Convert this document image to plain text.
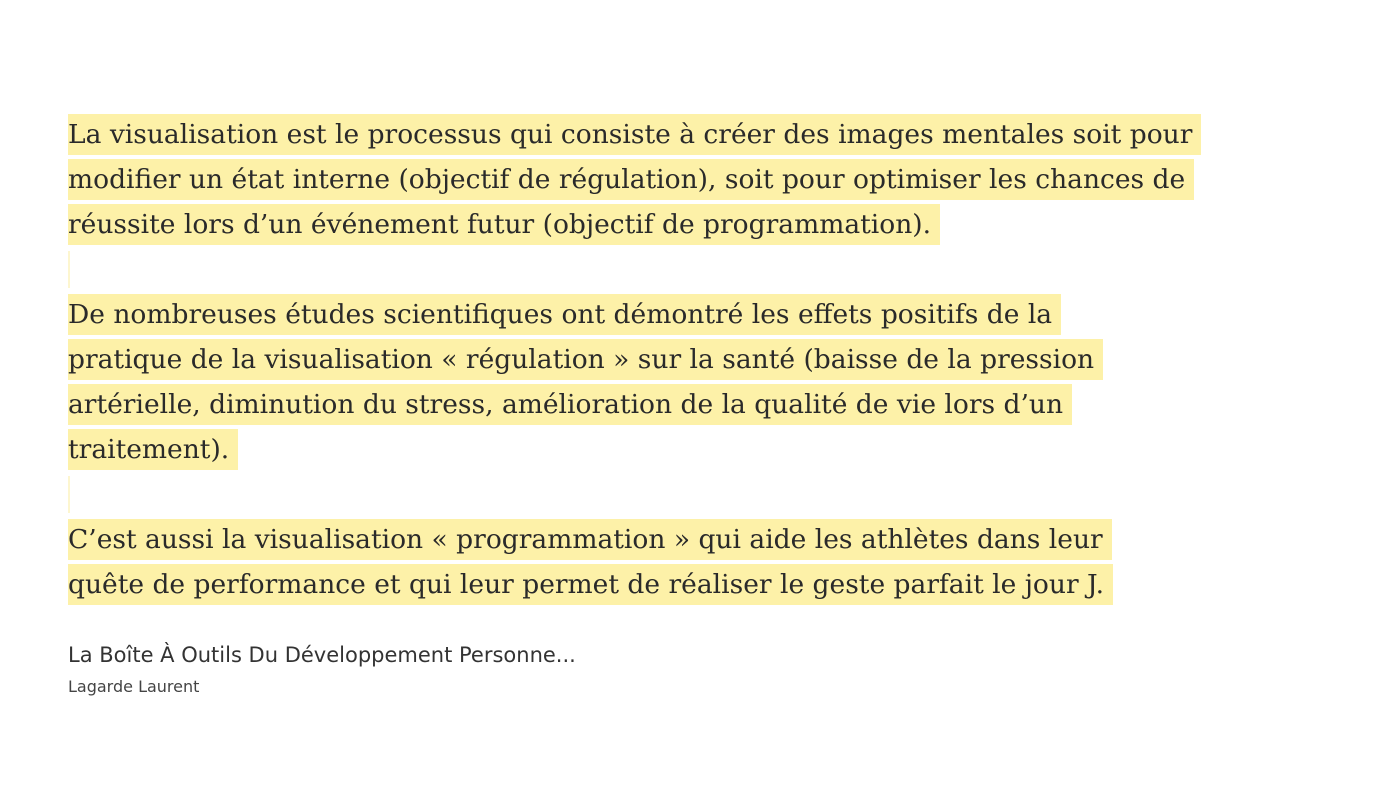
La visualisation est le processus qui consiste à créer des images mentales soit pour
modifier un état interne (objectif de régulation), soit pour optimiser les chances de
réussite lors d’un événement futur (objectif de programmation).
De nombreuses études scientifiques ont démontré les effets positifs de la
pratique de la visualisation « régulation » sur la santé (baisse de la pression
artérielle, diminution du stress, amélioration de la qualité de vie lors d’un
traitement).
C’est aussi la visualisation « programmation » qui aide les athlètes dans leur
quête de performance et qui leur permet de réaliser le geste parfait le jour J.
La Boîte À Outils Du Développement Personne...
Lagarde Laurent
